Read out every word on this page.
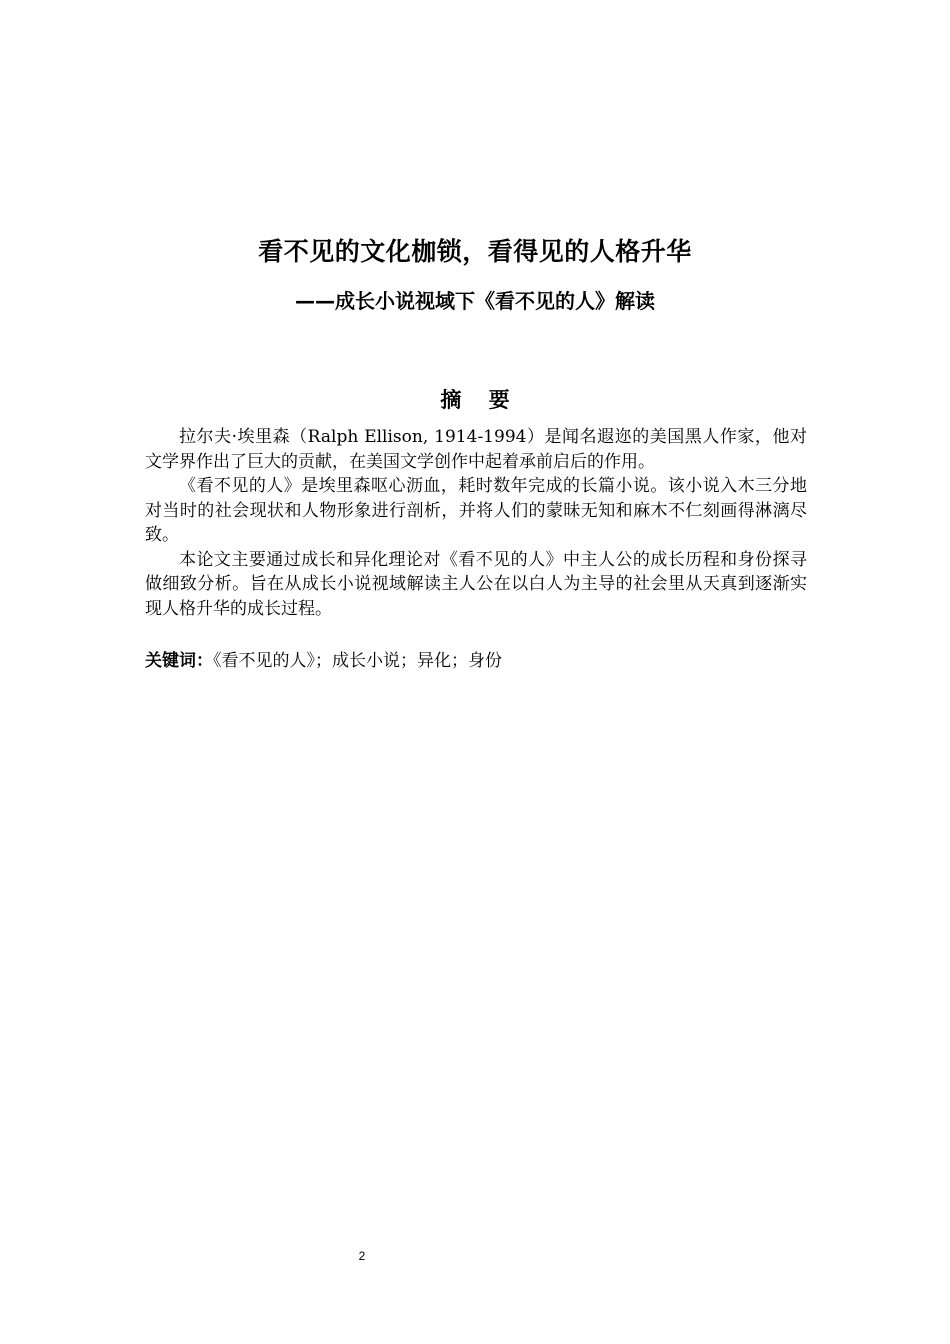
看不见的文化枷锁，看得见的人格升华
——成长小说视域下《看不见的人》解读
摘 要

拉尔夫·埃里森（Ralph Ellison, 1914-1994）是闻名遐迩的美国黑人作家，他对文学界作出了巨大的贡献，在美国文学创作中起着承前启后的作用。

《看不见的人》是埃里森呕心沥血，耗时数年完成的长篇小说。该小说入木三分地对当时的社会现状和人物形象进行剖析，并将人们的蒙昧无知和麻木不仁刻画得淋漓尽致。

本论文主要通过成长和异化理论对《看不见的人》中主人公的成长历程和身份探寻做细致分析。旨在从成长小说视域解读主人公在以白人为主导的社会里从天真到逐渐实现人格升华的成长过程。

关键词：《看不见的人》；成长小说；异化；身份
2
